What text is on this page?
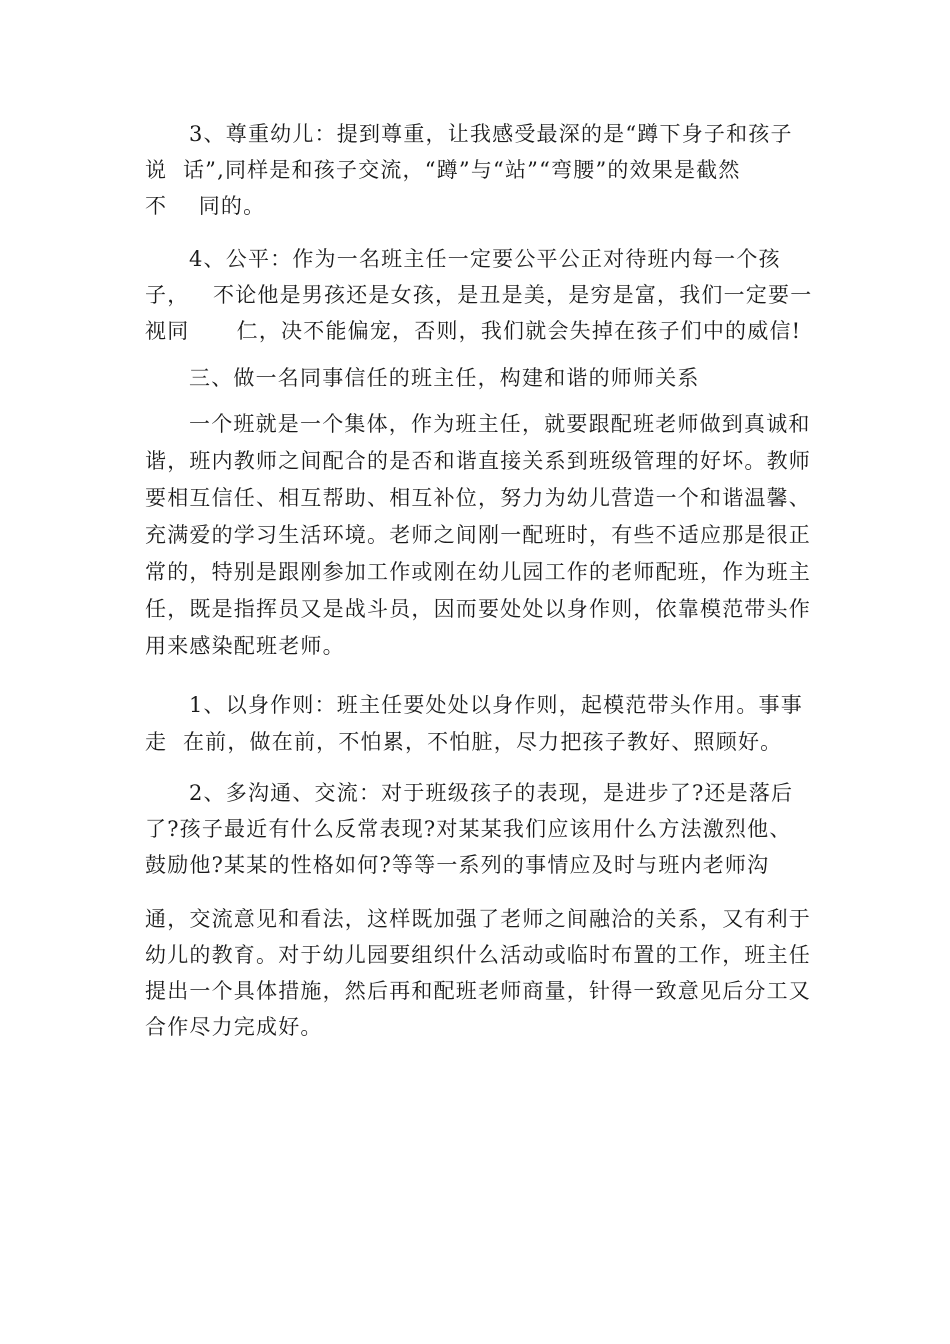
3、尊重幼儿：提到尊重，让我感受最深的是“蹲下身子和孩子

说  话”,同样是和孩子交流，“蹲”与“站”“弯腰”的效果是截然

不    同的。

4、公平：作为一名班主任一定要公平公正对待班内每一个孩

子，   不论他是男孩还是女孩，是丑是美，是穷是富，我们一定要一

视同      仁，决不能偏宠，否则，我们就会失掉在孩子们中的威信!

三、做一名同事信任的班主任，构建和谐的师师关系

一个班就是一个集体，作为班主任，就要跟配班老师做到真诚和

谐，班内教师之间配合的是否和谐直接关系到班级管理的好坏。教师

要相互信任、相互帮助、相互补位，努力为幼儿营造一个和谐温馨、

充满爱的学习生活环境。老师之间刚一配班时，有些不适应那是很正

常的，特别是跟刚参加工作或刚在幼儿园工作的老师配班，作为班主

任，既是指挥员又是战斗员，因而要处处以身作则，依靠模范带头作

用来感染配班老师。

1、以身作则：班主任要处处以身作则，起模范带头作用。事事

走  在前，做在前，不怕累，不怕脏，尽力把孩子教好、照顾好。

2、多沟通、交流：对于班级孩子的表现，是进步了?还是落后

了?孩子最近有什么反常表现?对某某我们应该用什么方法激烈他、

鼓励他?某某的性格如何?等等一系列的事情应及时与班内老师沟

通，交流意见和看法，这样既加强了老师之间融洽的关系，又有利于

幼儿的教育。对于幼儿园要组织什么活动或临时布置的工作，班主任

提出一个具体措施，然后再和配班老师商量，针得一致意见后分工又

合作尽力完成好。
